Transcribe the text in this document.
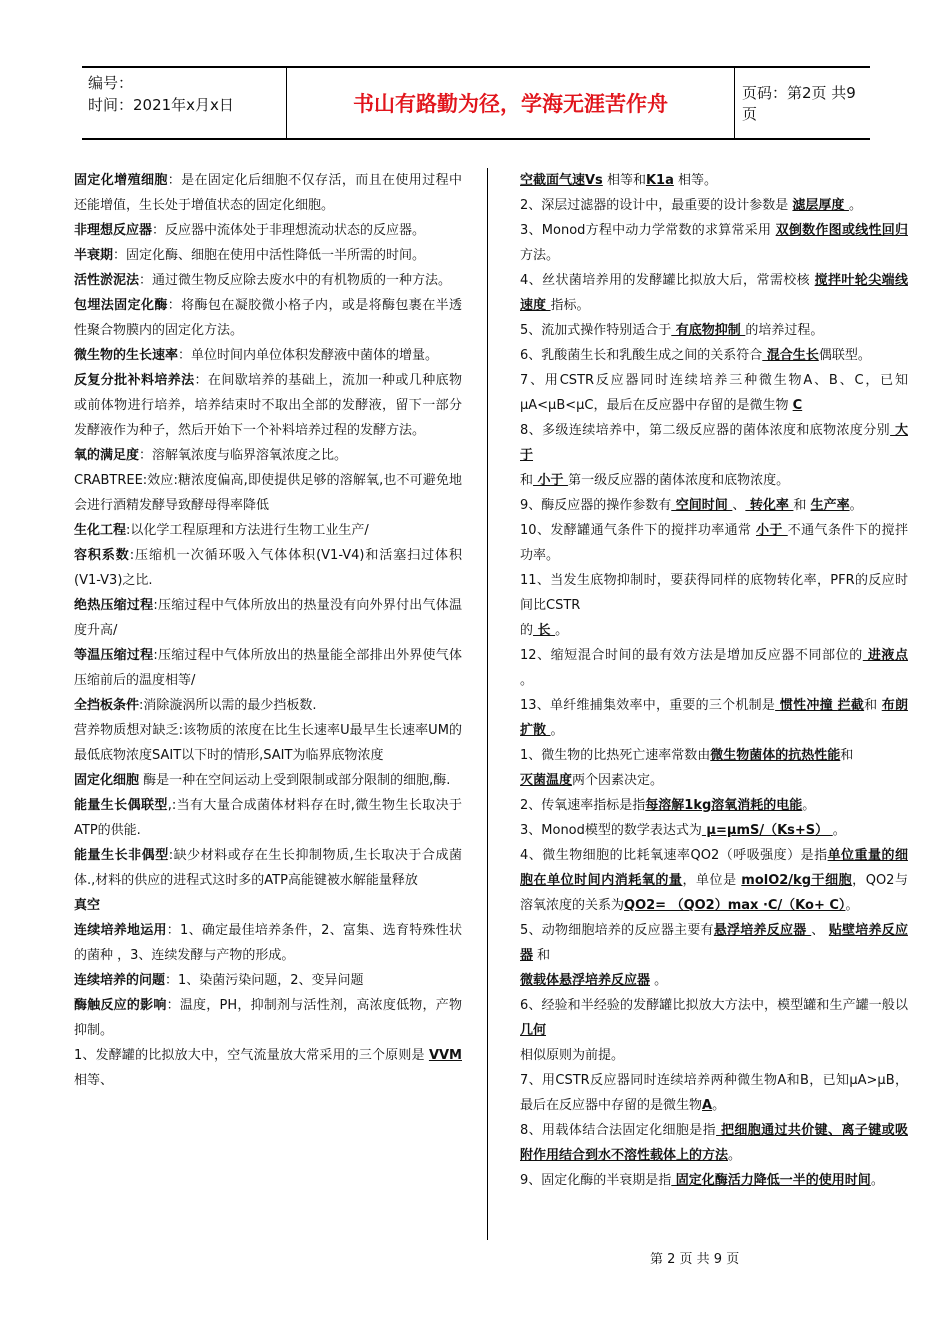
编号：
时间：2021年x月x日	书山有路勤为径，学海无涯苦作舟	页码：第2页 共9页

固定化增殖细胞：是在固定化后细胞不仅存活，而且在使用过程中还能增值，生长处于增值状态的固定化细胞。

非理想反应器：反应器中流体处于非理想流动状态的反应器。

半衰期：固定化酶、细胞在使用中活性降低一半所需的时间。

活性淤泥法：通过微生物反应除去废水中的有机物质的一种方法。

包埋法固定化酶：将酶包在凝胶微小格子内，或是将酶包裹在半透性聚合物膜内的固定化方法。

微生物的生长速率：单位时间内单位体积发酵液中菌体的增量。

反复分批补料培养法：在间歇培养的基础上，流加一种或几种底物或前体物进行培养，培养结束时不取出全部的发酵液，留下一部分发酵液作为种子，然后开始下一个补料培养过程的发酵方法。

氧的满足度：溶解氧浓度与临界溶氧浓度之比。

CRABTREE:效应:糖浓度偏高,即使提供足够的溶解氧,也不可避免地会进行酒精发酵导致酵母得率降低

生化工程:以化学工程原理和方法进行生物工业生产/

容积系数:压缩机一次循环吸入气体体积(V1-V4)和活塞扫过体积(V1-V3)之比.

绝热压缩过程:压缩过程中气体所放出的热量没有向外界付出气体温度升高/

等温压缩过程:压缩过程中气体所放出的热量能全部排出外界使气体压缩前后的温度相等/

全挡板条件:消除漩涡所以需的最少挡板数.

营养物质想对缺乏:该物质的浓度在比生长速率U最早生长速率UM的最低底物浓度SAIT以下时的情形,SAIT为临界底物浓度

固定化细胞 酶是一种在空间运动上受到限制或部分限制的细胞,酶.

能量生长偶联型,:当有大量合成菌体材料存在时,微生物生长取决于ATP的供能.

能量生长非偶型:缺少材料或存在生长抑制物质,生长取决于合成菌体.,材料的供应的进程式这时多的ATP高能键被水解能量释放

真空

连续培养地运用：1、确定最佳培养条件，2、富集、选育特殊性状的菌种 ，3、连续发酵与产物的形成。

连续培养的问题：1、染菌污染问题，2、变异问题

酶触反应的影响：温度，PH，抑制剂与活性剂，高浓度低物，产物抑制。

1、发酵罐的比拟放大中，空气流量放大常采用的三个原则是 VVM 相等、

空截面气速Vs 相等和K1a 相等。

2、深层过滤器的设计中，最重要的设计参数是 滤层厚度 。

3、Monod方程中动力学常数的求算常采用 双倒数作图或线性回归方法。

4、丝状菌培养用的发酵罐比拟放大后，常需校核 搅拌叶轮尖端线速度 指标。

5、流加式操作特别适合于 有底物抑制 的培养过程。

6、乳酸菌生长和乳酸生成之间的关系符合 混合生长偶联型。

7、用CSTR反应器同时连续培养三种微生物A、B、C，已知μA<μB<μC，最后在反应器中存留的是微生物 C

8、多级连续培养中，第二级反应器的菌体浓度和底物浓度分别 大于

和 小于 第一级反应器的菌体浓度和底物浓度。

9、酶反应器的操作参数有 空间时间 、 转化率 和 生产率。

10、发酵罐通气条件下的搅拌功率通常 小于 不通气条件下的搅拌功率。

11、当发生底物抑制时，要获得同样的底物转化率，PFR的反应时间比CSTR

的 长 。

12、缩短混合时间的最有效方法是增加反应器不同部位的 进液点 。

13、单纤维捕集效率中，重要的三个机制是 惯性冲撞 拦截和 布朗扩散 。

1、微生物的比热死亡速率常数由微生物菌体的抗热性能和

灭菌温度两个因素决定。

2、传氧速率指标是指每溶解1kg溶氧消耗的电能。

3、Monod模型的数学表达式为 μ=μmS/（Ks+S） 。

4、微生物细胞的比耗氧速率QO2（呼吸强度）是指单位重量的细胞在单位时间内消耗氧的量，单位是 molO2/kg干细胞，QO2与溶氧浓度的关系为QO2= （QO2）max ·C/（Ko+ C）。

5、动物细胞培养的反应器主要有悬浮培养反应器 、 贴壁培养反应器 和

微载体悬浮培养反应器 。

6、经验和半经验的发酵罐比拟放大方法中，模型罐和生产罐一般以几何

相似原则为前提。

7、用CSTR反应器同时连续培养两种微生物A和B，已知μA>μB，最后在反应器中存留的是微生物A。

8、用载体结合法固定化细胞是指 把细胞通过共价键、离子键或吸附作用结合到水不溶性载体上的方法。

9、固定化酶的半衰期是指 固定化酶活力降低一半的使用时间。

第 2 页 共 9 页
